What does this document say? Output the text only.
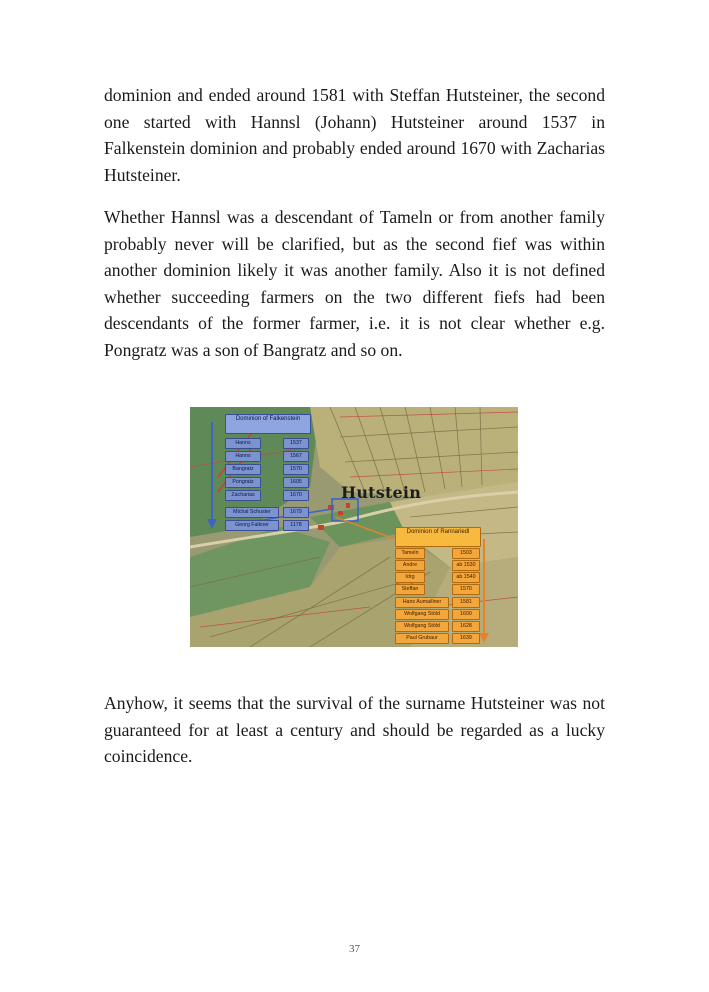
dominion and ended around 1581 with Steffan Hutsteiner, the second one started with Hannsl (Johann) Hutsteiner around 1537 in Falkenstein dominion and probably ended around 1670 with Zacharias Hutsteiner.

Whether Hannsl was a descendant of Tameln or from another family probably never will be clarified, but as the second fief was within another dominion likely it was another family. Also it is not defined whether succeeding farmers on the two different fiefs had been descendants of the former farmer, i.e. it is not clear whether e.g. Pongratz was a son of Bangratz and so on.

Hutstein
Dominion of Falkenstein
Hanns	1537
Hanns	1567
Bangratz	1570
Pongratz	1605
Zacharias	1670
Michal Schuster	1679
Georg Falkner	1178
Dominion of Rannariedl
Tameln	1503
Andre	ab 1530
Idrg	ab 1540
Steffan	1570
Hans Aumaillner	1581
Wolfgang Stöld	1600
Wolfgang Stöld	1628
Paul Grubaur	1639

Anyhow, it seems that the survival of the surname Hutsteiner was not guaranteed for at least a century and should be regarded as a lucky coincidence.

37
